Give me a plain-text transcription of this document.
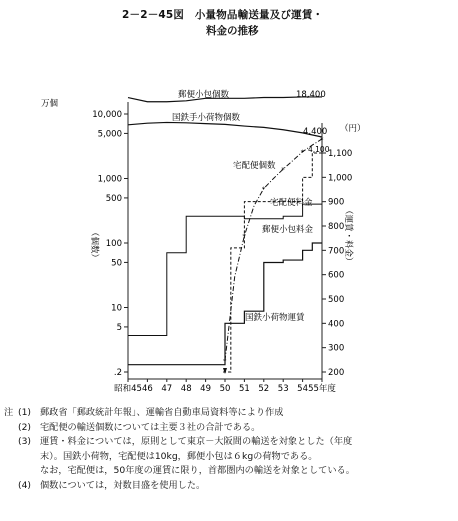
2－2－45図　小量物品輸送量及び運賃・
料金の推移
10,000
5,000
1,000
500
100
50
10
5
.2
1,100
1,000
900
800
700
600
500
400
300
200
昭和45 46 47 48 49 50 51 52 53 54 55年度
*
*
*
*
*
*
万個
（円）
（個数）	（運賃・料金）
郵便小包個数	18,400
国鉄手小荷物個数
4,400
宅配便個数
4,100
宅配便料金
郵便小包料金
国鉄小荷物運賃
注 (1) 郵政省「郵政統計年報」、運輸省自動車局資料等により作成
(2) 宅配便の輸送個数については主要３社の合計である。
(3) 運賃・料金については，原則として東京－大阪間の輸送を対象とした（年度
末）。国鉄小荷物，宅配便は10kg，郵便小包は６kgの荷物である。
なお，宅配便は，50年度の運賃に限り，首都圏内の輸送を対象としている。
(4) 個数については，対数目盛を使用した。
